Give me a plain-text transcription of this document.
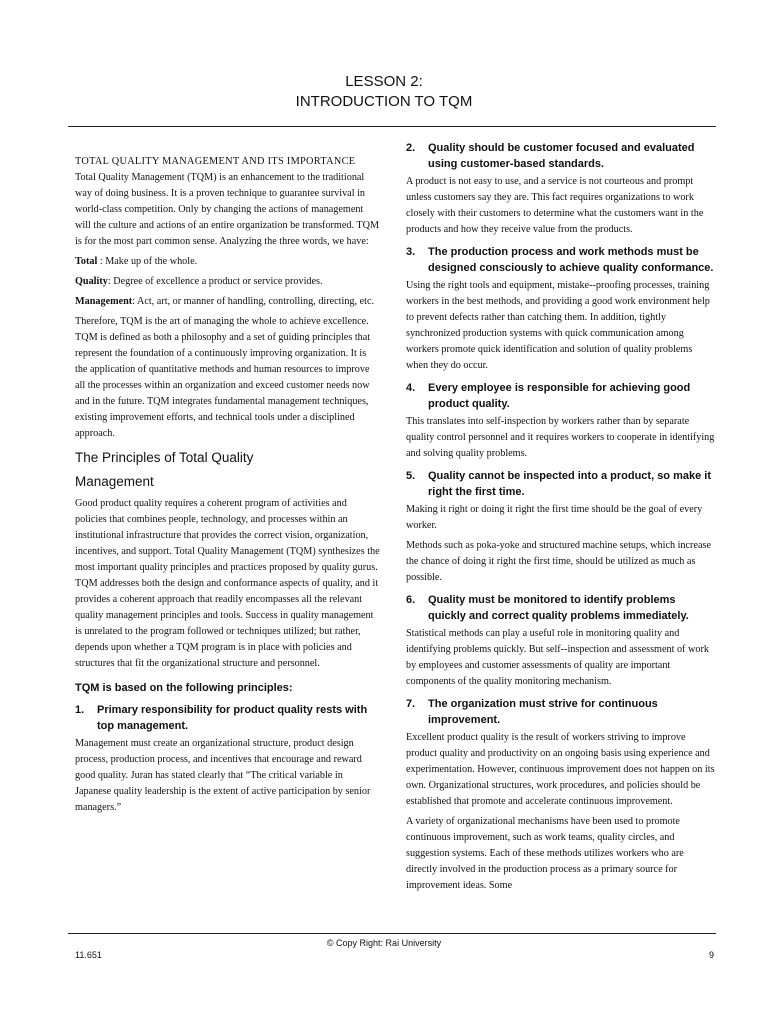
LESSON 2:
INTRODUCTION TO TQM
TOTAL QUALITY MANAGEMENT AND ITS IMPORTANCE

Total Quality Management (TQM) is an enhancement to the traditional way of doing business. It is a proven technique to guarantee survival in world-class competition. Only by changing the actions of management will the culture and actions of an entire organization be transformed. TQM is for the most part common sense. Analyzing the three words, we have:

Total : Make up of the whole.

Quality: Degree of excellence a product or service provides.

Management: Act, art, or manner of handling, controlling, directing, etc.

Therefore, TQM is the art of managing the whole to achieve excellence. TQM is defined as both a philosophy and a set of guiding principles that represent the foundation of a continuously improving organization. It is the application of quantitative methods and human resources to improve all the processes within an organization and exceed customer needs now and in the future. TQM integrates fundamental management techniques, existing improvement efforts, and technical tools under a disciplined approach.

The Principles of Total Quality
Management

Good product quality requires a coherent program of activities and policies that combines people, technology, and processes within an institutional infrastructure that provides the correct vision, organization, incentives, and support. Total Quality Management (TQM) synthesizes the most important quality principles and practices proposed by quality gurus. TQM addresses both the design and conformance aspects of quality, and it provides a coherent approach that readily encompasses all the relevant quality management principles and tools. Success in quality management is unrelated to the program followed or techniques utilized; but rather, depends upon whether a TQM program is in place with policies and structures that fit the organizational structure and personnel.

TQM is based on the following principles:
1.	Primary responsibility for product quality rests with top management.

Management must create an organizational structure, product design process, production process, and incentives that encourage and reward good quality. Juran has stated clearly that “The critical variable in Japanese quality leadership is the extent of active participation by senior managers.”

2.	Quality should be customer focused and evaluated using customer-based standards.

A product is not easy to use, and a service is not courteous and prompt unless customers say they are. This fact requires organizations to work closely with their customers to determine what the customers want in the products and how they receive value from the products.

3.	The production process and work methods must be designed consciously to achieve quality conformance.

Using the right tools and equipment, mistake--proofing processes, training workers in the best methods, and providing a good work environment help to prevent defects rather than catching them. In addition, tightly synchronized production systems with quick communication among workers promote quick identification and solution of quality problems when they do occur.

4.	Every employee is responsible for achieving good product quality.

This translates into self-inspection by workers rather than by separate quality control personnel and it requires workers to cooperate in identifying and solving quality problems.

5.	Quality cannot be inspected into a product, so make it right the first time.

Making it right or doing it right the first time should be the goal of every worker.

Methods such as poka-yoke and structured machine setups, which increase the chance of doing it right the first time, should be utilized as much as possible.

6.	Quality must be monitored to identify problems quickly and correct quality problems immediately.

Statistical methods can play a useful role in monitoring quality and identifying problems quickly. But self--inspection and assessment of work by employees and customer assessments of quality are important components of the quality monitoring mechanism.

7.	The organization must strive for continuous improvement.

Excellent product quality is the result of workers striving to improve product quality and productivity on an ongoing basis using experience and experimentation. However, continuous improvement does not happen on its own. Organizational structures, work procedures, and policies should be established that promote and accelerate continuous improvement.

A variety of organizational mechanisms have been used to promote continuous improvement, such as work teams, quality circles, and suggestion systems. Each of these methods utilizes workers who are directly involved in the production process as a primary source for improvement ideas. Some

© Copy Right: Rai University
11.651	9
